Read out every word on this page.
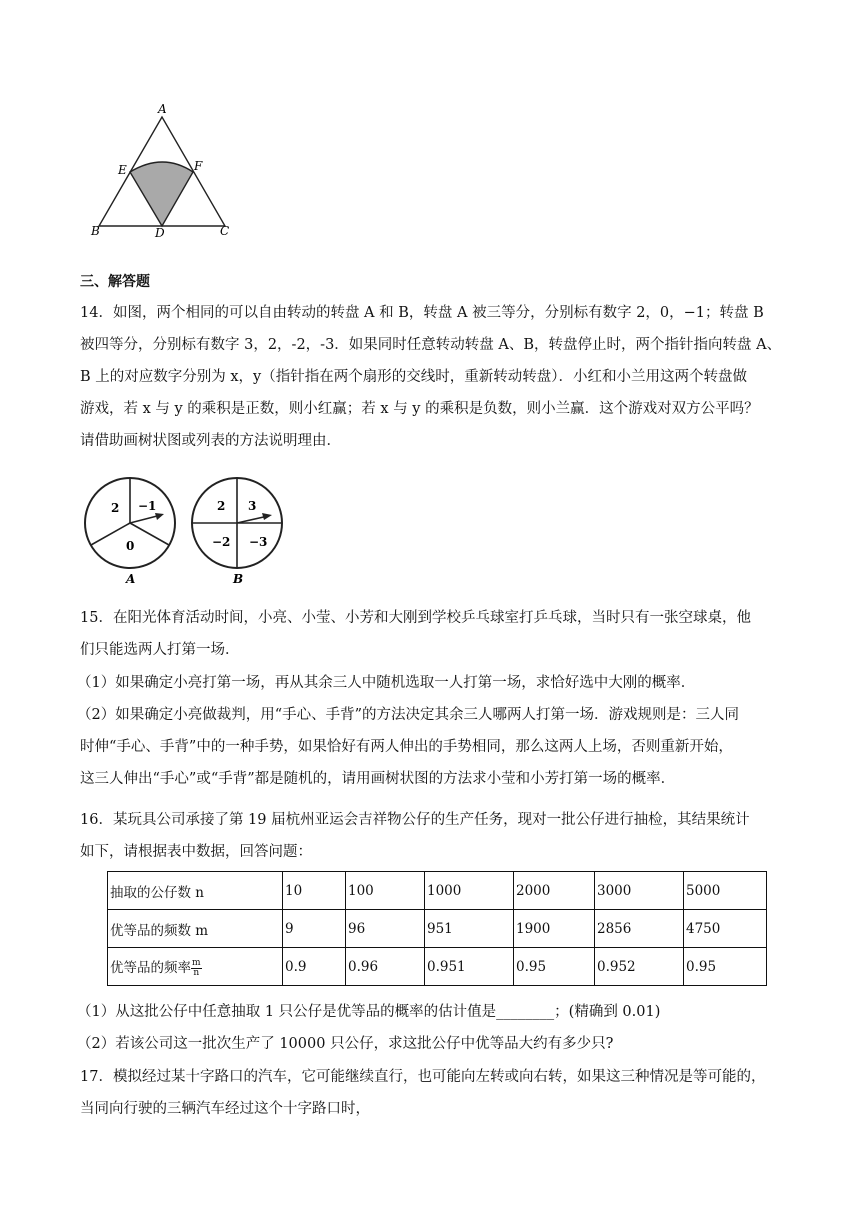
A
B	C
D
E	F
三、解答题
14．如图，两个相同的可以自由转动的转盘 A 和 B，转盘 A 被三等分，分别标有数字 2，0，−1；转盘 B
被四等分，分别标有数字 3，2，-2，-3．如果同时任意转动转盘 A、B，转盘停止时，两个指针指向转盘 A、
B 上的对应数字分别为 x，y（指针指在两个扇形的交线时，重新转动转盘）．小红和小兰用这两个转盘做
游戏，若 x 与 y 的乘积是正数，则小红赢；若 x 与 y 的乘积是负数，则小兰赢．这个游戏对双方公平吗？
请借助画树状图或列表的方法说明理由．
2 −1
0
A
2 3
−2 −3
B
15．在阳光体育活动时间，小亮、小莹、小芳和大刚到学校乒乓球室打乒乓球，当时只有一张空球桌，他
们只能选两人打第一场．
（1）如果确定小亮打第一场，再从其余三人中随机选取一人打第一场，求恰好选中大刚的概率．
（2）如果确定小亮做裁判，用“手心、手背”的方法决定其余三人哪两人打第一场．游戏规则是：三人同
时伸“手心、手背”中的一种手势，如果恰好有两人伸出的手势相同，那么这两人上场，否则重新开始，
这三人伸出“手心”或“手背”都是随机的，请用画树状图的方法求小莹和小芳打第一场的概率．
16．某玩具公司承接了第 19 届杭州亚运会吉祥物公仔的生产任务，现对一批公仔进行抽检，其结果统计
如下，请根据表中数据，回答问题：
抽取的公仔数 n	10	100	1000	2000	3000	5000
优等品的频数 m	9	96	951	1900	2856	4750
优等品的频率 $\frac{m}{n}$	0.9	0.96	0.951	0.95	0.952	0.95
（1）从这批公仔中任意抽取 1 只公仔是优等品的概率的估计值是________；(精确到 0.01)
（2）若该公司这一批次生产了 10000 只公仔，求这批公仔中优等品大约有多少只?
17．模拟经过某十字路口的汽车，它可能继续直行，也可能向左转或向右转，如果这三种情况是等可能的，
当同向行驶的三辆汽车经过这个十字路口时，
